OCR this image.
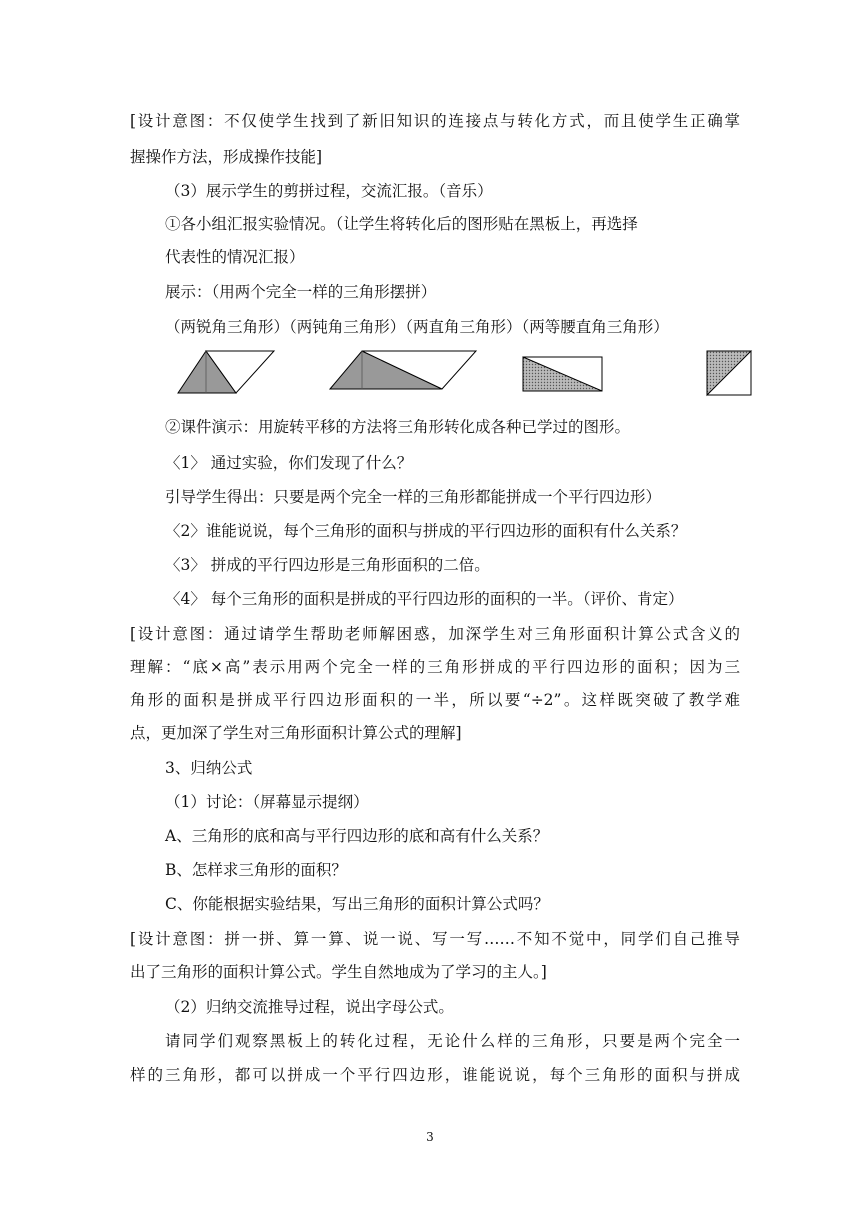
[设计意图：不仅使学生找到了新旧知识的连接点与转化方式，而且使学生正确掌
握操作方法，形成操作技能]
（3）展示学生的剪拼过程，交流汇报。（音乐）
①各小组汇报实验情况。（让学生将转化后的图形贴在黑板上，再选择
代表性的情况汇报）
展示：（用两个完全一样的三角形摆拼）
（两锐角三角形）（两钝角三角形）（两直角三角形）（两等腰直角三角形）
②课件演示：用旋转平移的方法将三角形转化成各种已学过的图形。
〈1〉 通过实验，你们发现了什么？
引导学生得出：只要是两个完全一样的三角形都能拼成一个平行四边形）
〈2〉谁能说说，每个三角形的面积与拼成的平行四边形的面积有什么关系？
〈3〉 拼成的平行四边形是三角形面积的二倍。
〈4〉 每个三角形的面积是拼成的平行四边形的面积的一半。（评价、肯定）
[设计意图：通过请学生帮助老师解困惑，加深学生对三角形面积计算公式含义的
理解：“底×高”表示用两个完全一样的三角形拼成的平行四边形的面积；因为三
角形的面积是拼成平行四边形面积的一半，所以要“÷2”。这样既突破了教学难
点，更加深了学生对三角形面积计算公式的理解]
3、归纳公式
（1）讨论：（屏幕显示提纲）
A、三角形的底和高与平行四边形的底和高有什么关系？
B、怎样求三角形的面积？
C、你能根据实验结果，写出三角形的面积计算公式吗？
[设计意图：拼一拼、算一算、说一说、写一写……不知不觉中，同学们自己推导
出了三角形的面积计算公式。学生自然地成为了学习的主人。]
（2）归纳交流推导过程，说出字母公式。
请同学们观察黑板上的转化过程，无论什么样的三角形，只要是两个完全一
样的三角形，都可以拼成一个平行四边形，谁能说说，每个三角形的面积与拼成
3
